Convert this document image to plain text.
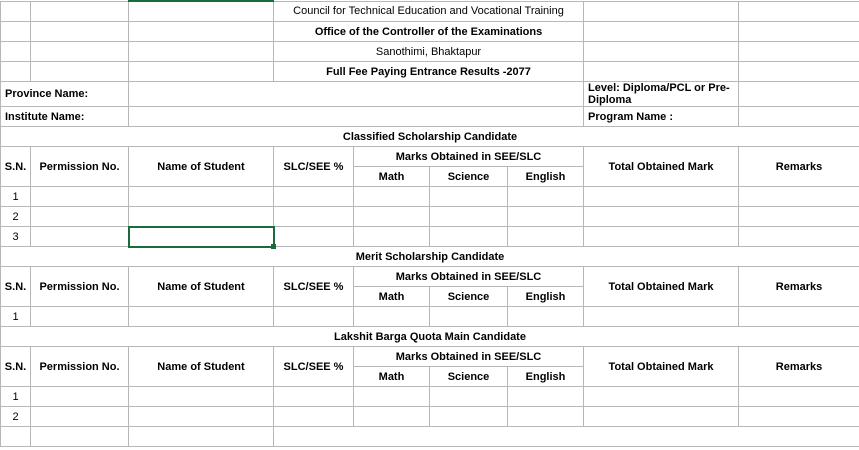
			Council for Technical Education and Vocational Training					
			Office of the Controller of the Examinations					
			Sanothimi, Bhaktapur					
			Full Fee Paying Entrance Results -2077					
Province Name:							Level: Diploma/PCL or Pre-Diploma	
Institute Name:							Program Name :	
Classified Scholarship Candidate								
S.N.	Permission No.	Name of Student	SLC/SEE %	Marks Obtained in SEE/SLC			Total Obtained Mark	Remarks
				Math	Science	English		
1								
2								
3								
Merit Scholarship Candidate								
S.N.	Permission No.	Name of Student	SLC/SEE %	Marks Obtained in SEE/SLC			Total Obtained Mark	Remarks
				Math	Science	English		
1								
Lakshit Barga Quota Main Candidate								
S.N.	Permission No.	Name of Student	SLC/SEE %	Marks Obtained in SEE/SLC			Total Obtained Mark	Remarks
				Math	Science	English		
1								
2								
